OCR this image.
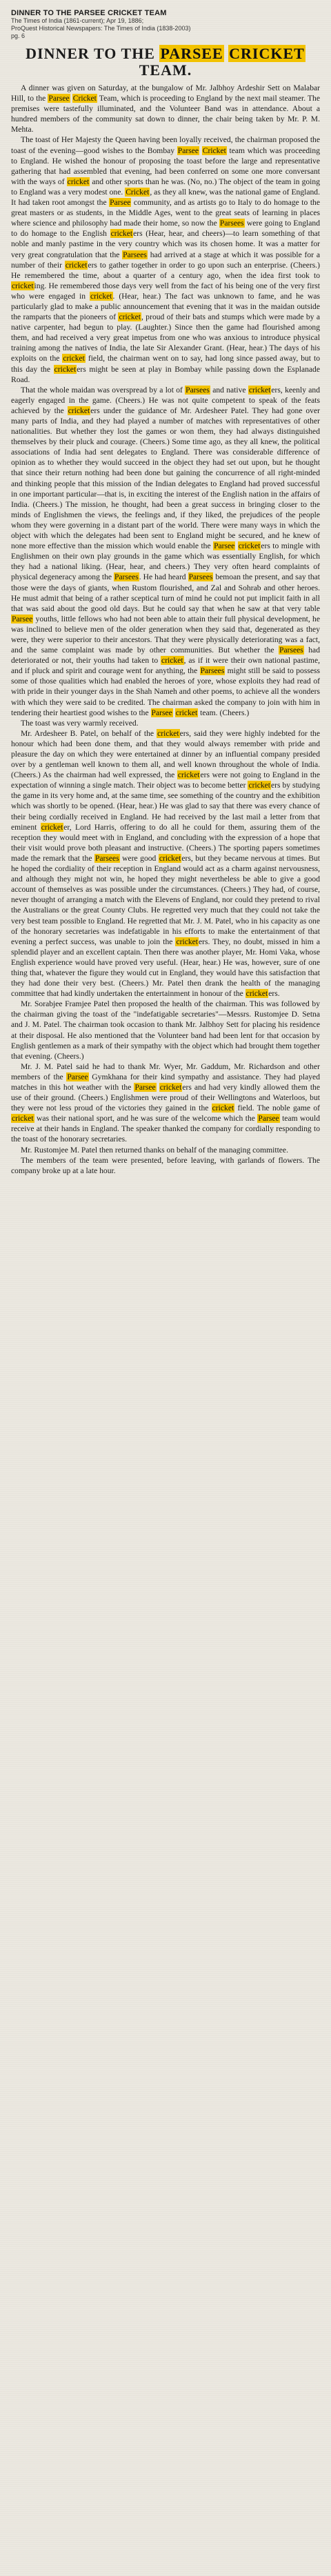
DINNER TO THE PARSEE CRICKET TEAM
The Times of India (1861-current); Apr 19, 1886;
ProQuest Historical Newspapers: The Times of India (1838-2003)
pg. 6
DINNER TO THE PARSEE CRICKET TEAM.

A dinner was given on Saturday, at the bungalow of Mr. Jalbhoy Ardeshir Sett on Malabar Hill, to the Parsee Cricket Team, which is proceeding to England by the next mail steamer. The premises were tastefully illuminated, and the Volunteer Band was in attendance. About a hundred members of the community sat down to dinner, the chair being taken by Mr. P. M. Mehta.

The toast of Her Majesty the Queen having been loyally received, the chairman proposed the toast of the evening—good wishes to the Bombay Parsee Cricket team which was proceeding to England. He wished the honour of proposing the toast before the large and representative gathering that had assembled that evening, had been conferred on some one more conversant with the ways of cricket and other sports than he was. (No, no.) The object of the team in going to England was a very modest one. Cricket, as they all knew, was the national game of England. It had taken root amongst the Parsee community, and as artists go to Italy to do homage to the great masters or as students, in the Middle Ages, went to the great seats of learning in places where science and philosophy had made their home, so now the Parsees were going to England to do homage to the English cricketers (Hear, hear, and cheers)—to learn something of that noble and manly pastime in the very country which was its chosen home. It was a matter for very great congratulation that the Parsees had arrived at a stage at which it was possible for a number of their cricketers to gather together in order to go upon such an enterprise. (Cheers.) He remembered the time, about a quarter of a century ago, when the idea first took to cricketing. He remembered those days very well from the fact of his being one of the very first who were engaged in cricket. (Hear, hear.) The fact was unknown to fame, and he was particularly glad to make a public announcement that evening that it was in the maidan outside the ramparts that the pioneers of cricket, proud of their bats and stumps which were made by a native carpenter, had begun to play. (Laughter.) Since then the game had flourished among them, and had received a very great impetus from one who was anxious to introduce physical training among the natives of India, the late Sir Alexander Grant. (Hear, hear.) The days of his exploits on the cricket field, the chairman went on to say, had long since passed away, but to this day the cricketers might be seen at play in Bombay while passing down the Esplanade Road.

That the whole maidan was overspread by a lot of Parsees and native cricketers, keenly and eagerly engaged in the game. (Cheers.) He was not quite competent to speak of the feats achieved by the cricketers under the guidance of Mr. Ardesheer Patel. They had gone over many parts of India, and they had played a number of matches with representatives of other nationalities. But whether they lost the games or won them, they had always distinguished themselves by their pluck and courage. (Cheers.) Some time ago, as they all knew, the political associations of India had sent delegates to England. There was considerable difference of opinion as to whether they would succeed in the object they had set out upon, but he thought that since their return nothing had been done but gaining the concurrence of all right-minded and thinking people that this mission of the Indian delegates to England had proved successful in one important particular—that is, in exciting the interest of the English nation in the affairs of India. (Cheers.) The mission, he thought, had been a great success in bringing closer to the minds of Englishmen the views, the feelings and, if they liked, the prejudices of the people whom they were governing in a distant part of the world. There were many ways in which the object with which the delegates had been sent to England might be secured, and he knew of none more effective than the mission which would enable the Parsee cricketers to mingle with Englishmen on their own play grounds in the game which was essentially English, for which they had a national liking. (Hear, hear, and cheers.) They very often heard complaints of physical degeneracy among the Parsees. He had heard Parsees bemoan the present, and say that those were the days of giants, when Rustom flourished, and Zal and Sohrab and other heroes. He must admit that being of a rather sceptical turn of mind he could not put implicit faith in all that was said about the good old days. But he could say that when he saw at that very table Parsee youths, little fellows who had not been able to attain their full physical development, he was inclined to believe men of the older generation when they said that, degenerated as they were, they were superior to their ancestors. That they were physically deteriorating was a fact, and the same complaint was made by other communities. But whether the Parsees had deteriorated or not, their youths had taken to cricket, as if it were their own national pastime, and if pluck and spirit and courage went for anything, the Parsees might still be said to possess some of those qualities which had enabled the heroes of yore, whose exploits they had read of with pride in their younger days in the Shah Nameh and other poems, to achieve all the wonders with which they were said to be credited. The chairman asked the company to join with him in tendering their heartiest good wishes to the Parsee cricket team. (Cheers.)

The toast was very warmly received.

Mr. Ardesheer B. Patel, on behalf of the cricketers, said they were highly indebted for the honour which had been done them, and that they would always remember with pride and pleasure the day on which they were entertained at dinner by an influential company presided over by a gentleman well known to them all, and well known throughout the whole of India. (Cheers.) As the chairman had well expressed, the cricketers were not going to England in the expectation of winning a single match. Their object was to become better cricketers by studying the game in its very home and, at the same time, see something of the country and the exhibition which was shortly to be opened. (Hear, hear.) He was glad to say that there was every chance of their being cordially received in England. He had received by the last mail a letter from that eminent cricketer, Lord Harris, offering to do all he could for them, assuring them of the reception they would meet with in England, and concluding with the expression of a hope that their visit would prove both pleasant and instructive. (Cheers.) The sporting papers sometimes made the remark that the Parsees were good cricketers, but they became nervous at times. But he hoped the cordiality of their reception in England would act as a charm against nervousness, and although they might not win, he hoped they might nevertheless be able to give a good account of themselves as was possible under the circumstances. (Cheers.) They had, of course, never thought of arranging a match with the Elevens of England, nor could they pretend to rival the Australians or the great County Clubs. He regretted very much that they could not take the very best team possible to England. He regretted that Mr. J. M. Patel, who in his capacity as one of the honorary secretaries was indefatigable in his efforts to make the entertainment of that evening a perfect success, was unable to join the cricketers. They, no doubt, missed in him a splendid player and an excellent captain. Then there was another player, Mr. Homi Vaka, whose English experience would have proved very useful. (Hear, hear.) He was, however, sure of one thing that, whatever the figure they would cut in England, they would have this satisfaction that they had done their very best. (Cheers.) Mr. Patel then drank the health of the managing committee that had kindly undertaken the entertainment in honour of the cricketers.

Mr. Sorabjee Framjee Patel then proposed the health of the chairman. This was followed by the chairman giving the toast of the "indefatigable secretaries"—Messrs. Rustomjee D. Setna and J. M. Patel. The chairman took occasion to thank Mr. Jalbhoy Sett for placing his residence at their disposal. He also mentioned that the Volunteer band had been lent for that occasion by English gentlemen as a mark of their sympathy with the object which had brought them together that evening. (Cheers.)

Mr. J. M. Patel said he had to thank Mr. Wyer, Mr. Gaddum, Mr. Richardson and other members of the Parsee Gymkhana for their kind sympathy and assistance. They had played matches in this hot weather with the Parsee cricketers and had very kindly allowed them the use of their ground. (Cheers.) Englishmen were proud of their Wellingtons and Waterloos, but they were not less proud of the victories they gained in the cricket field. The noble game of cricket was their national sport, and he was sure of the welcome which the Parsee team would receive at their hands in England. The speaker thanked the company for cordially responding to the toast of the honorary secretaries.

Mr. Rustomjee M. Patel then returned thanks on behalf of the managing committee.

The members of the team were presented, before leaving, with garlands of flowers. The company broke up at a late hour.
